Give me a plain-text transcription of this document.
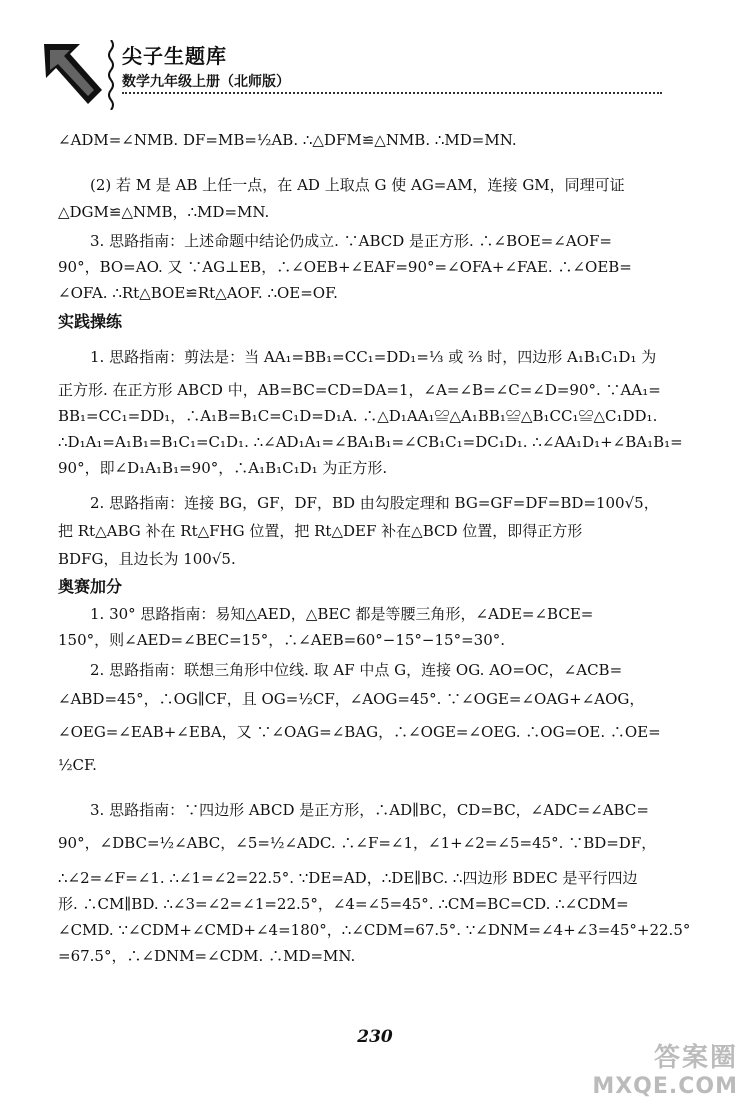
尖子生题库
数学九年级上册（北师版）
∠ADM=∠NMB. DF=MB=½AB. ∴△DFM≌△NMB. ∴MD=MN.
(2) 若 M 是 AB 上任一点，在 AD 上取点 G 使 AG=AM，连接 GM，同理可证
△DGM≌△NMB，∴MD=MN.
3. 思路指南：上述命题中结论仍成立. ∵ABCD 是正方形. ∴∠BOE=∠AOF=
90°，BO=AO. 又 ∵AG⊥EB，∴∠OEB+∠EAF=90°=∠OFA+∠FAE. ∴∠OEB=
∠OFA. ∴Rt△BOE≌Rt△AOF. ∴OE=OF.
实践操练
1. 思路指南：剪法是：当 AA₁=BB₁=CC₁=DD₁=⅓ 或 ⅔ 时，四边形 A₁B₁C₁D₁ 为
正方形. 在正方形 ABCD 中，AB=BC=CD=DA=1，∠A=∠B=∠C=∠D=90°. ∵AA₁=
BB₁=CC₁=DD₁，∴A₁B=B₁C=C₁D=D₁A. ∴△D₁AA₁≌△A₁BB₁≌△B₁CC₁≌△C₁DD₁.
∴D₁A₁=A₁B₁=B₁C₁=C₁D₁. ∴∠AD₁A₁=∠BA₁B₁=∠CB₁C₁=DC₁D₁. ∴∠AA₁D₁+∠BA₁B₁=
90°，即∠D₁A₁B₁=90°，∴A₁B₁C₁D₁ 为正方形.
2. 思路指南：连接 BG，GF，DF，BD 由勾股定理和 BG=GF=DF=BD=100√5，
把 Rt△ABG 补在 Rt△FHG 位置，把 Rt△DEF 补在△BCD 位置，即得正方形
BDFG，且边长为 100√5.
奥赛加分
1. 30° 思路指南：易知△AED，△BEC 都是等腰三角形，∠ADE=∠BCE=
150°，则∠AED=∠BEC=15°，∴∠AEB=60°−15°−15°=30°.
2. 思路指南：联想三角形中位线. 取 AF 中点 G，连接 OG. AO=OC，∠ACB=
∠ABD=45°，∴OG∥CF，且 OG=½CF，∠AOG=45°. ∵∠OGE=∠OAG+∠AOG，
∠OEG=∠EAB+∠EBA，又 ∵∠OAG=∠BAG，∴∠OGE=∠OEG. ∴OG=OE. ∴OE=
½CF.
3. 思路指南：∵四边形 ABCD 是正方形，∴AD∥BC，CD=BC，∠ADC=∠ABC=
90°，∠DBC=½∠ABC，∠5=½∠ADC. ∴∠F=∠1，∠1+∠2=∠5=45°. ∵BD=DF，
∴∠2=∠F=∠1. ∴∠1=∠2=22.5°. ∵DE=AD，∴DE∥BC. ∴四边形 BDEC 是平行四边
形. ∴CM∥BD. ∴∠3=∠2=∠1=22.5°，∠4=∠5=45°. ∴CM=BC=CD. ∴∠CDM=
∠CMD. ∵∠CDM+∠CMD+∠4=180°，∴∠CDM=67.5°. ∵∠DNM=∠4+∠3=45°+22.5°
=67.5°，∴∠DNM=∠CDM. ∴MD=MN.
230
答案圈
MXQE.COM
